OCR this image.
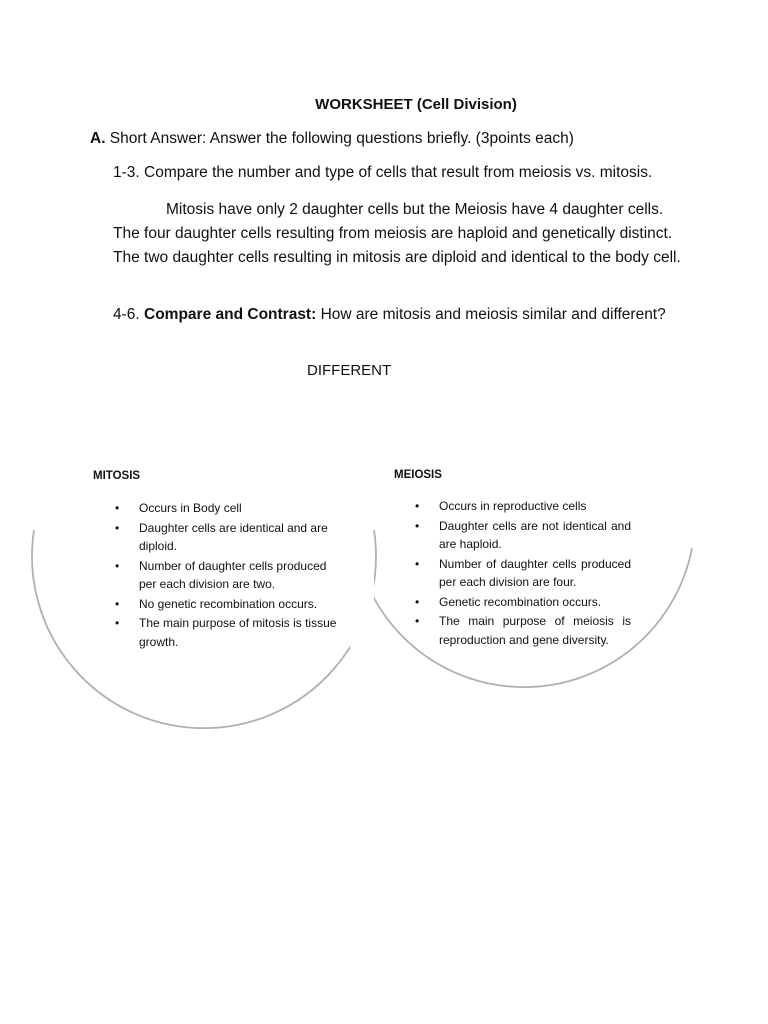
WORKSHEET (Cell Division)
A. Short Answer: Answer the following questions briefly. (3points each)
1-3. Compare the number and type of cells that result from meiosis vs. mitosis.
Mitosis have only 2 daughter cells but the Meiosis have 4 daughter cells. The four daughter cells resulting from meiosis are haploid and genetically distinct. The two daughter cells resulting in mitosis are diploid and identical to the body cell.
4-6. Compare and Contrast: How are mitosis and meiosis similar and different?
DIFFERENT
MITOSIS	MEIOSIS
• Occurs in Body cell
• Daughter cells are identical and are diploid.
• Number of daughter cells produced per each division are two.
• No genetic recombination occurs.
• The main purpose of mitosis is tissue growth.
• Occurs in reproductive cells
• Daughter cells are not identical and are haploid.
• Number of daughter cells produced per each division are four.
• Genetic recombination occurs.
• The main purpose of meiosis is reproduction and gene diversity.
